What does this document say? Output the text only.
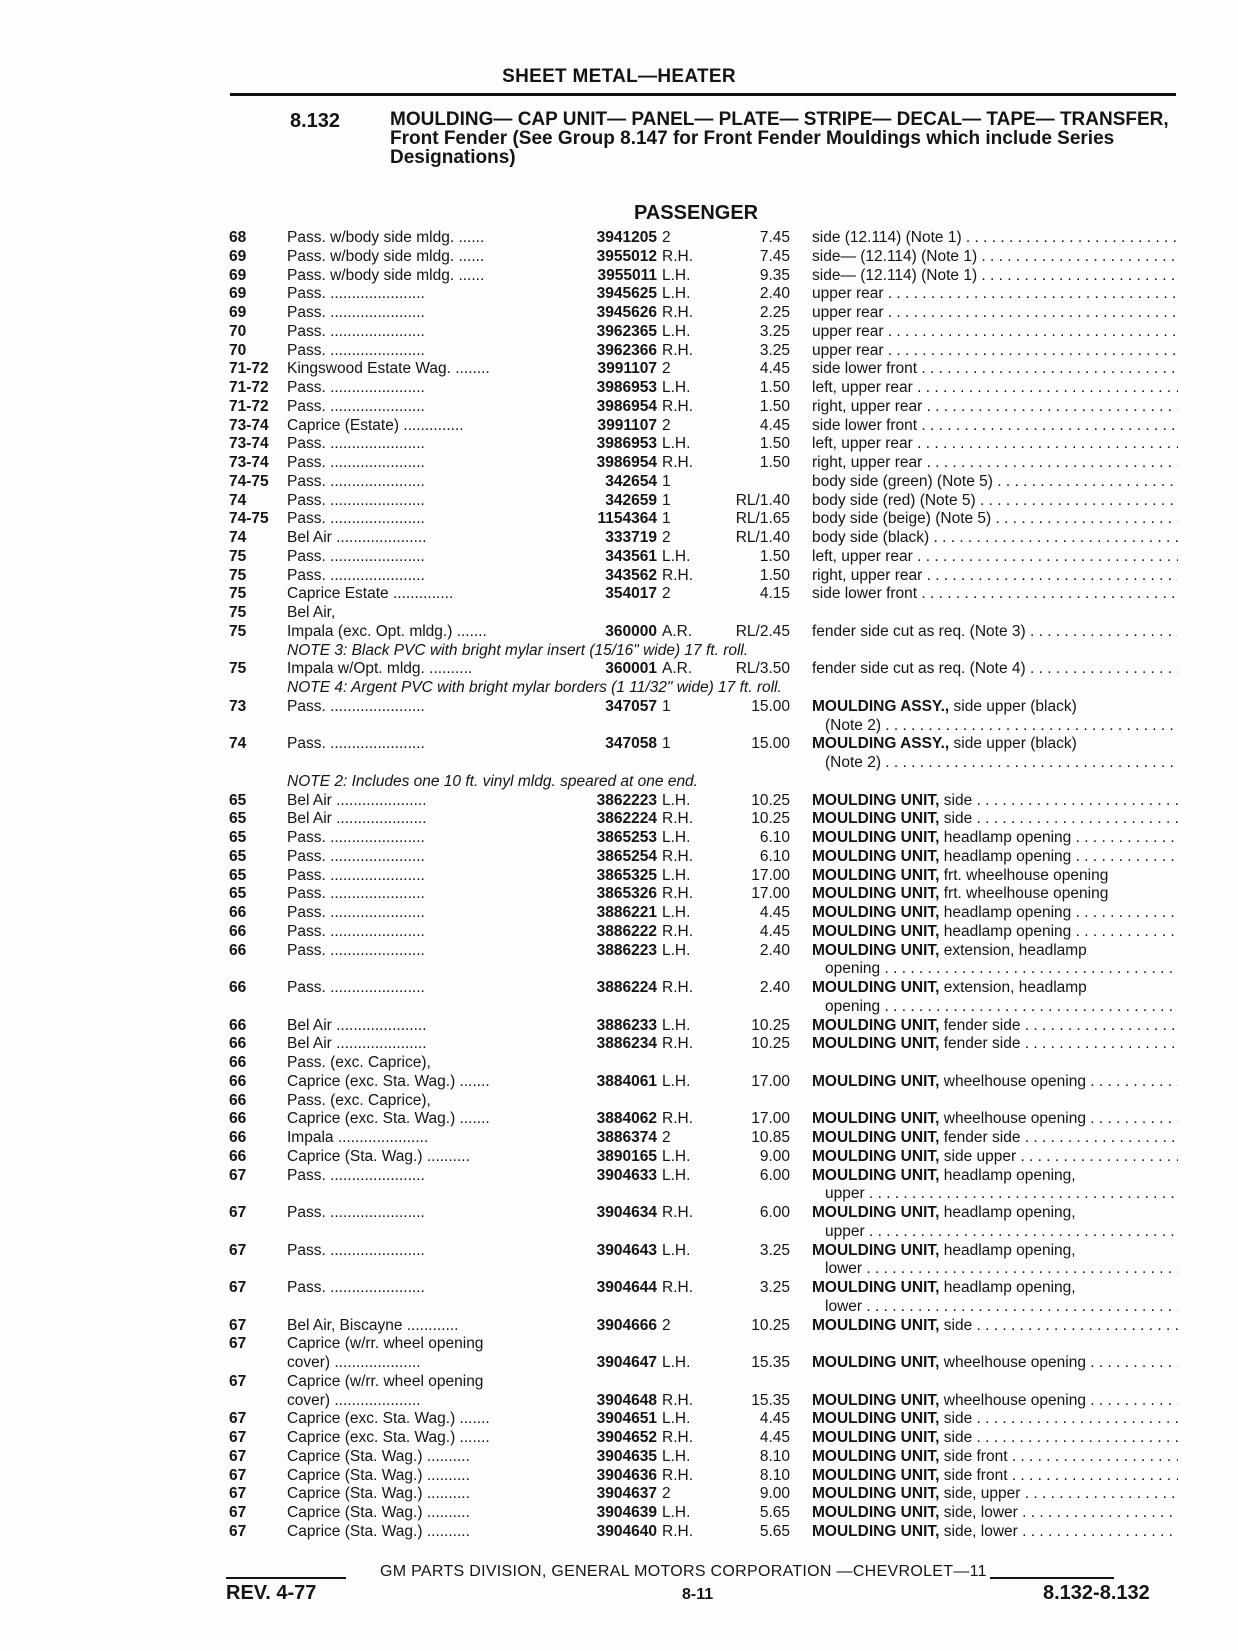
SHEET METAL—HEATER
8.132	MOULDING— CAP UNIT— PANEL— PLATE— STRIPE— DECAL— TAPE— TRANSFER, Front Fender (See Group 8.147 for Front Fender Mouldings which include Series Designations)
PASSENGER
68	Pass. w/body side mldg. ......	3941205 2	7.45 side (12.114) (Note 1) . . .
69	Pass. w/body side mldg. ......	3955012 R.H.	7.45 side— (12.114) (Note 1) . . .
69	Pass. w/body side mldg. ......	3955011 L.H.	9.35 side— (12.114) (Note 1) . . .
69	Pass. ......................	3945625 L.H.	2.40 upper rear . . .
69	Pass. ......................	3945626 R.H.	2.25 upper rear . . .
70	Pass. ......................	3962365 L.H.	3.25 upper rear . . .
70	Pass. ......................	3962366 R.H.	3.25 upper rear . . .
71-72 Kingswood Estate Wag. ........	3991107 2	4.45 side lower front . . .
71-72 Pass. ......................	3986953 L.H.	1.50 left, upper rear . . .
71-72 Pass. ......................	3986954 R.H.	1.50 right, upper rear . . .
73-74 Caprice (Estate) ..............	3991107 2	4.45 side lower front . . .
73-74 Pass. ......................	3986953 L.H.	1.50 left, upper rear . . .
73-74 Pass. ......................	3986954 R.H.	1.50 right, upper rear . . .
74-75 Pass. ......................	342654 1	body side (green) (Note 5) . . .
74	Pass. ......................	342659 1	RL/1.40 body side (red) (Note 5) . . .
74-75 Pass. ......................	1154364 1	RL/1.65 body side (beige) (Note 5) . . .
74	Bel Air .....................	333719 2	RL/1.40 body side (black) . . .
75	Pass. ......................	343561 L.H.	1.50 left, upper rear . . .
75	Pass. ......................	343562 R.H.	1.50 right, upper rear . . .
75	Caprice Estate ..............	354017 2	4.15 side lower front . . .
75	Bel Air,
75	Impala (exc. Opt. mldg.) .......	360000 A.R.	RL/2.45 fender side cut as req. (Note 3) . . .
NOTE 3: Black PVC with bright mylar insert (15/16" wide) 17 ft. roll.
75	Impala w/Opt. mldg. ..........	360001 A.R.	RL/3.50 fender side cut as req. (Note 4) . . .
NOTE 4: Argent PVC with bright mylar borders (1 11/32" wide) 17 ft. roll.
73	Pass. ......................	347057 1	15.00 MOULDING ASSY., side upper (black)
(Note 2) . . .
74	Pass. ......................	347058 1	15.00 MOULDING ASSY., side upper (black)
(Note 2) . . .
NOTE 2: Includes one 10 ft. vinyl mldg. speared at one end.
65	Bel Air .....................	3862223 L.H.	10.25 MOULDING UNIT, side . . .
65	Bel Air .....................	3862224 R.H.	10.25 MOULDING UNIT, side . . .
65	Pass. ......................	3865253 L.H.	6.10 MOULDING UNIT, headlamp opening . . .
65	Pass. ......................	3865254 R.H.	6.10 MOULDING UNIT, headlamp opening . . .
65	Pass. ......................	3865325 L.H.	17.00 MOULDING UNIT, frt. wheelhouse opening
65	Pass. ......................	3865326 R.H.	17.00 MOULDING UNIT, frt. wheelhouse opening
66	Pass. ......................	3886221 L.H.	4.45 MOULDING UNIT, headlamp opening . . .
66	Pass. ......................	3886222 R.H.	4.45 MOULDING UNIT, headlamp opening . . .
66	Pass. ......................	3886223 L.H.	2.40 MOULDING UNIT, extension, headlamp
opening . . .
66	Pass. ......................	3886224 R.H.	2.40 MOULDING UNIT, extension, headlamp
opening . . .
66	Bel Air .....................	3886233 L.H.	10.25 MOULDING UNIT, fender side . . .
66	Bel Air .....................	3886234 R.H.	10.25 MOULDING UNIT, fender side . . .
66	Pass. (exc. Caprice),
66	Caprice (exc. Sta. Wag.) .......	3884061 L.H.	17.00 MOULDING UNIT, wheelhouse opening . . .
66	Pass. (exc. Caprice),
66	Caprice (exc. Sta. Wag.) .......	3884062 R.H.	17.00 MOULDING UNIT, wheelhouse opening . . .
66	Impala .....................	3886374 2	10.85 MOULDING UNIT, fender side . . .
66	Caprice (Sta. Wag.) ..........	3890165 L.H.	9.00 MOULDING UNIT, side upper . . .
67	Pass. ......................	3904633 L.H.	6.00 MOULDING UNIT, headlamp opening,
upper . . .
67	Pass. ......................	3904634 R.H.	6.00 MOULDING UNIT, headlamp opening,
upper . . .
67	Pass. ......................	3904643 L.H.	3.25 MOULDING UNIT, headlamp opening,
lower . . .
67	Pass. ......................	3904644 R.H.	3.25 MOULDING UNIT, headlamp opening,
lower . . .
67	Bel Air, Biscayne ............	3904666 2	10.25 MOULDING UNIT, side . . .
67	Caprice (w/rr. wheel opening
cover) ....................	3904647 L.H.	15.35 MOULDING UNIT, wheelhouse opening . . .
67	Caprice (w/rr. wheel opening
cover) ....................	3904648 R.H.	15.35 MOULDING UNIT, wheelhouse opening . . .
67	Caprice (exc. Sta. Wag.) .......	3904651 L.H.	4.45 MOULDING UNIT, side . . .
67	Caprice (exc. Sta. Wag.) .......	3904652 R.H.	4.45 MOULDING UNIT, side . . .
67	Caprice (Sta. Wag.) ..........	3904635 L.H.	8.10 MOULDING UNIT, side front . . .
67	Caprice (Sta. Wag.) ..........	3904636 R.H.	8.10 MOULDING UNIT, side front . . .
67	Caprice (Sta. Wag.) ..........	3904637 2	9.00 MOULDING UNIT, side, upper . . .
67	Caprice (Sta. Wag.) ..........	3904639 L.H.	5.65 MOULDING UNIT, side, lower . . .
67	Caprice (Sta. Wag.) ..........	3904640 R.H.	5.65 MOULDING UNIT, side, lower . . .
GM PARTS DIVISION, GENERAL MOTORS CORPORATION —CHEVROLET—11
REV. 4-77	8-11	8.132-8.132
